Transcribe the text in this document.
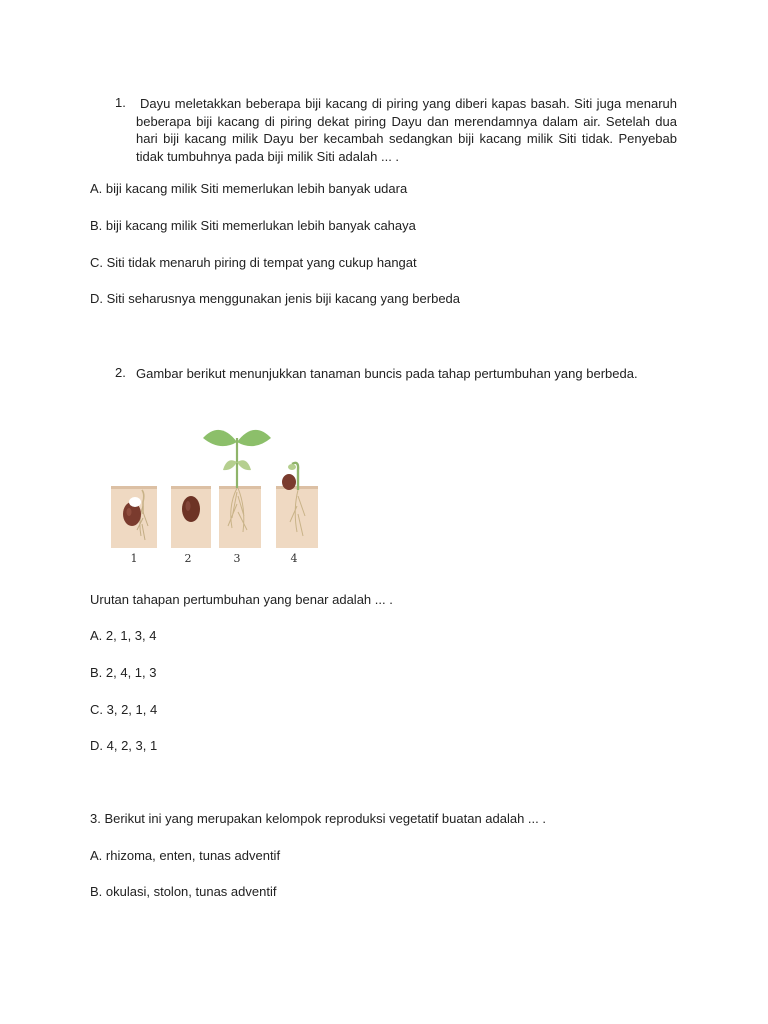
1.	Dayu meletakkan beberapa biji kacang di piring yang diberi kapas basah. Siti juga menaruh beberapa biji kacang di piring dekat piring Dayu dan merendamnya dalam air. Setelah dua hari biji kacang milik Dayu ber kecambah sedangkan biji kacang milik Siti tidak. Penyebab tidak tumbuhnya pada biji milik Siti adalah ... .
A. biji kacang milik Siti memerlukan lebih banyak udara
B. biji kacang milik Siti memerlukan lebih banyak cahaya
C. Siti tidak menaruh piring di tempat yang cukup hangat
D. Siti seharusnya menggunakan jenis biji kacang yang berbeda
2. Gambar berikut menunjukkan tanaman buncis pada tahap pertumbuhan yang berbeda.
1	2	3	4
Urutan tahapan pertumbuhan yang benar adalah ... .
A. 2, 1, 3, 4
B. 2, 4, 1, 3
C. 3, 2, 1, 4
D. 4, 2, 3, 1
3. Berikut ini yang merupakan kelompok reproduksi vegetatif buatan adalah ... .
A. rhizoma, enten, tunas adventif
B. okulasi, stolon, tunas adventif
